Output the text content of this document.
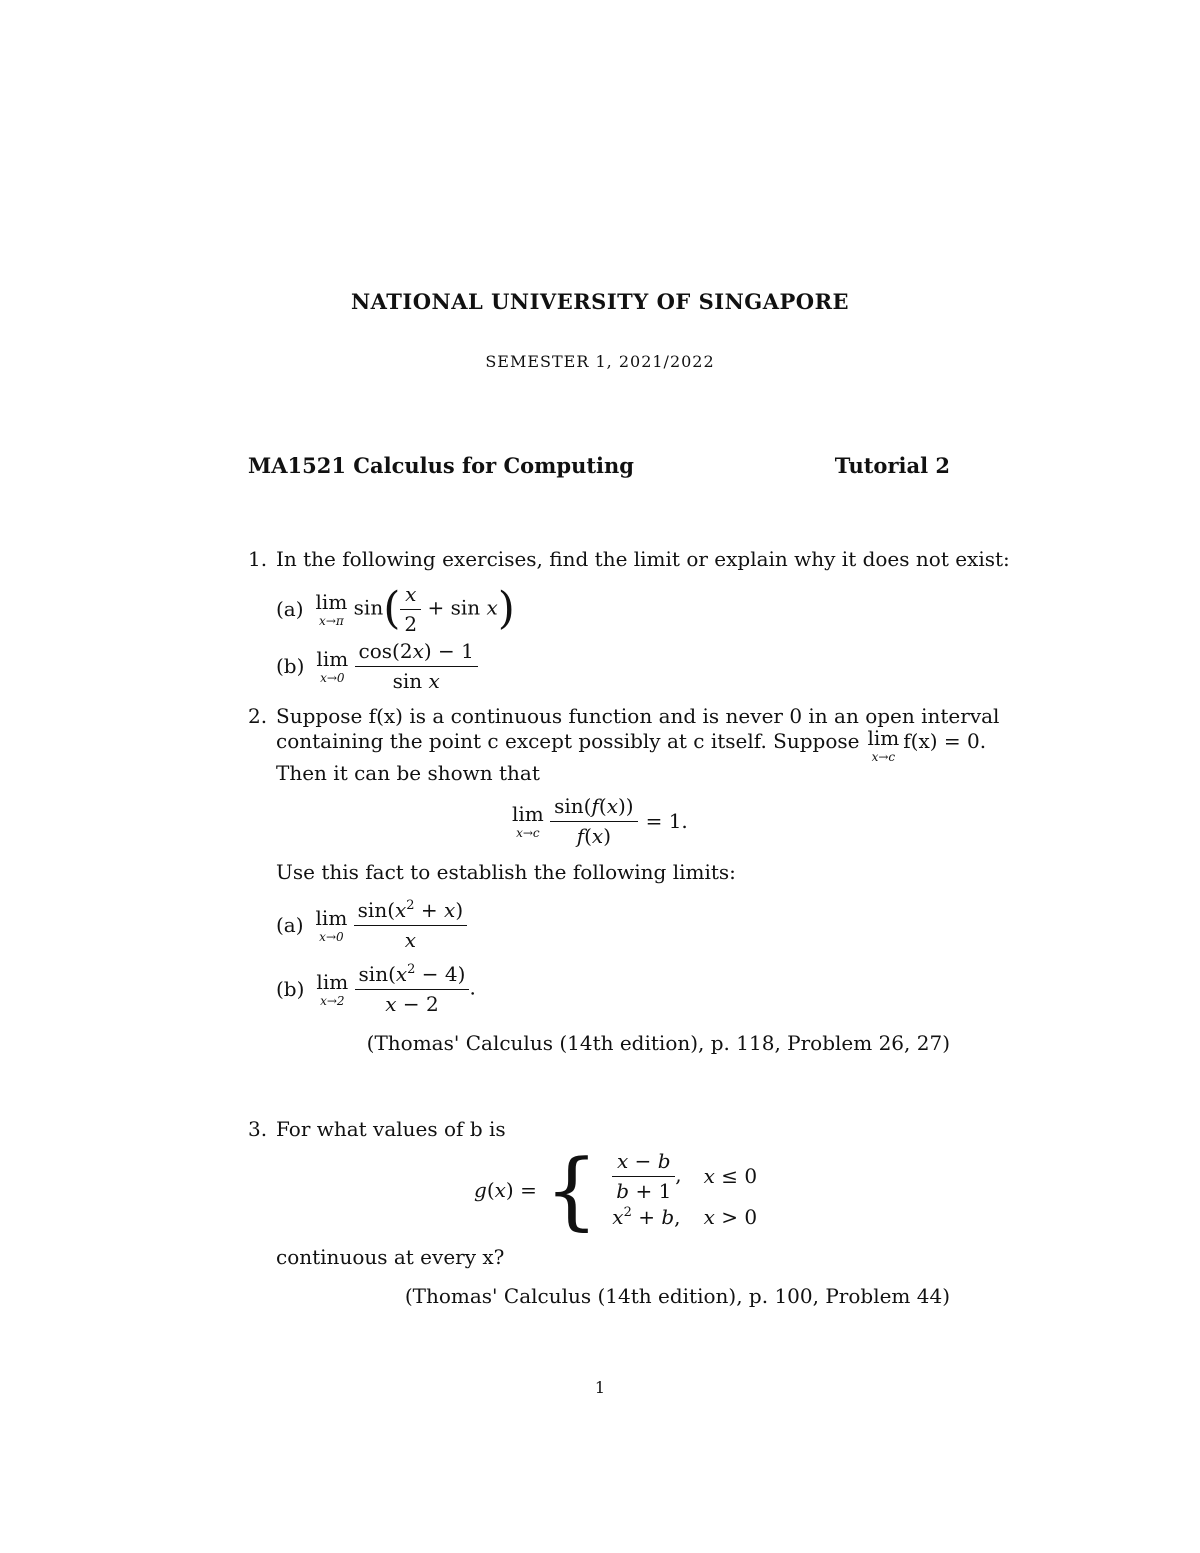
NATIONAL UNIVERSITY OF SINGAPORE
SEMESTER 1, 2021/2022
MA1521 Calculus for Computing	Tutorial 2
1. In the following exercises, find the limit or explain why it does not exist:
(a) lim
x→π
$\sin( \frac{x}{2} + \sin x)$
(b) lim
x→0
$\frac{\cos(2x) - 1}{\text{sin x}}$
2. Suppose f(x) is a continuous function and is never 0 in an open interval
containing the point c except possibly at c itself. Suppose lim
x→c
f(x) = 0.
Then it can be shown that
lim
x→c
$\frac{\sin(f(x))}{f(x)} = 1$.
Use this fact to establish the following limits:
(a) lim
x→0
$\frac{\sin(x^2 + x)}{x}$
(b) lim
x→2
$\frac{\sin(x^2 - 4)}{x - 2}$ .
(Thomas' Calculus (14th edition), p. 118, Problem 26, 27)
3. For what values of b is
g(x) = { $\frac{x - b}{b + 1}$ , x ≤ 0
$x^2 + b$, x > 0
continuous at every x?
(Thomas' Calculus (14th edition), p. 100, Problem 44)
1
